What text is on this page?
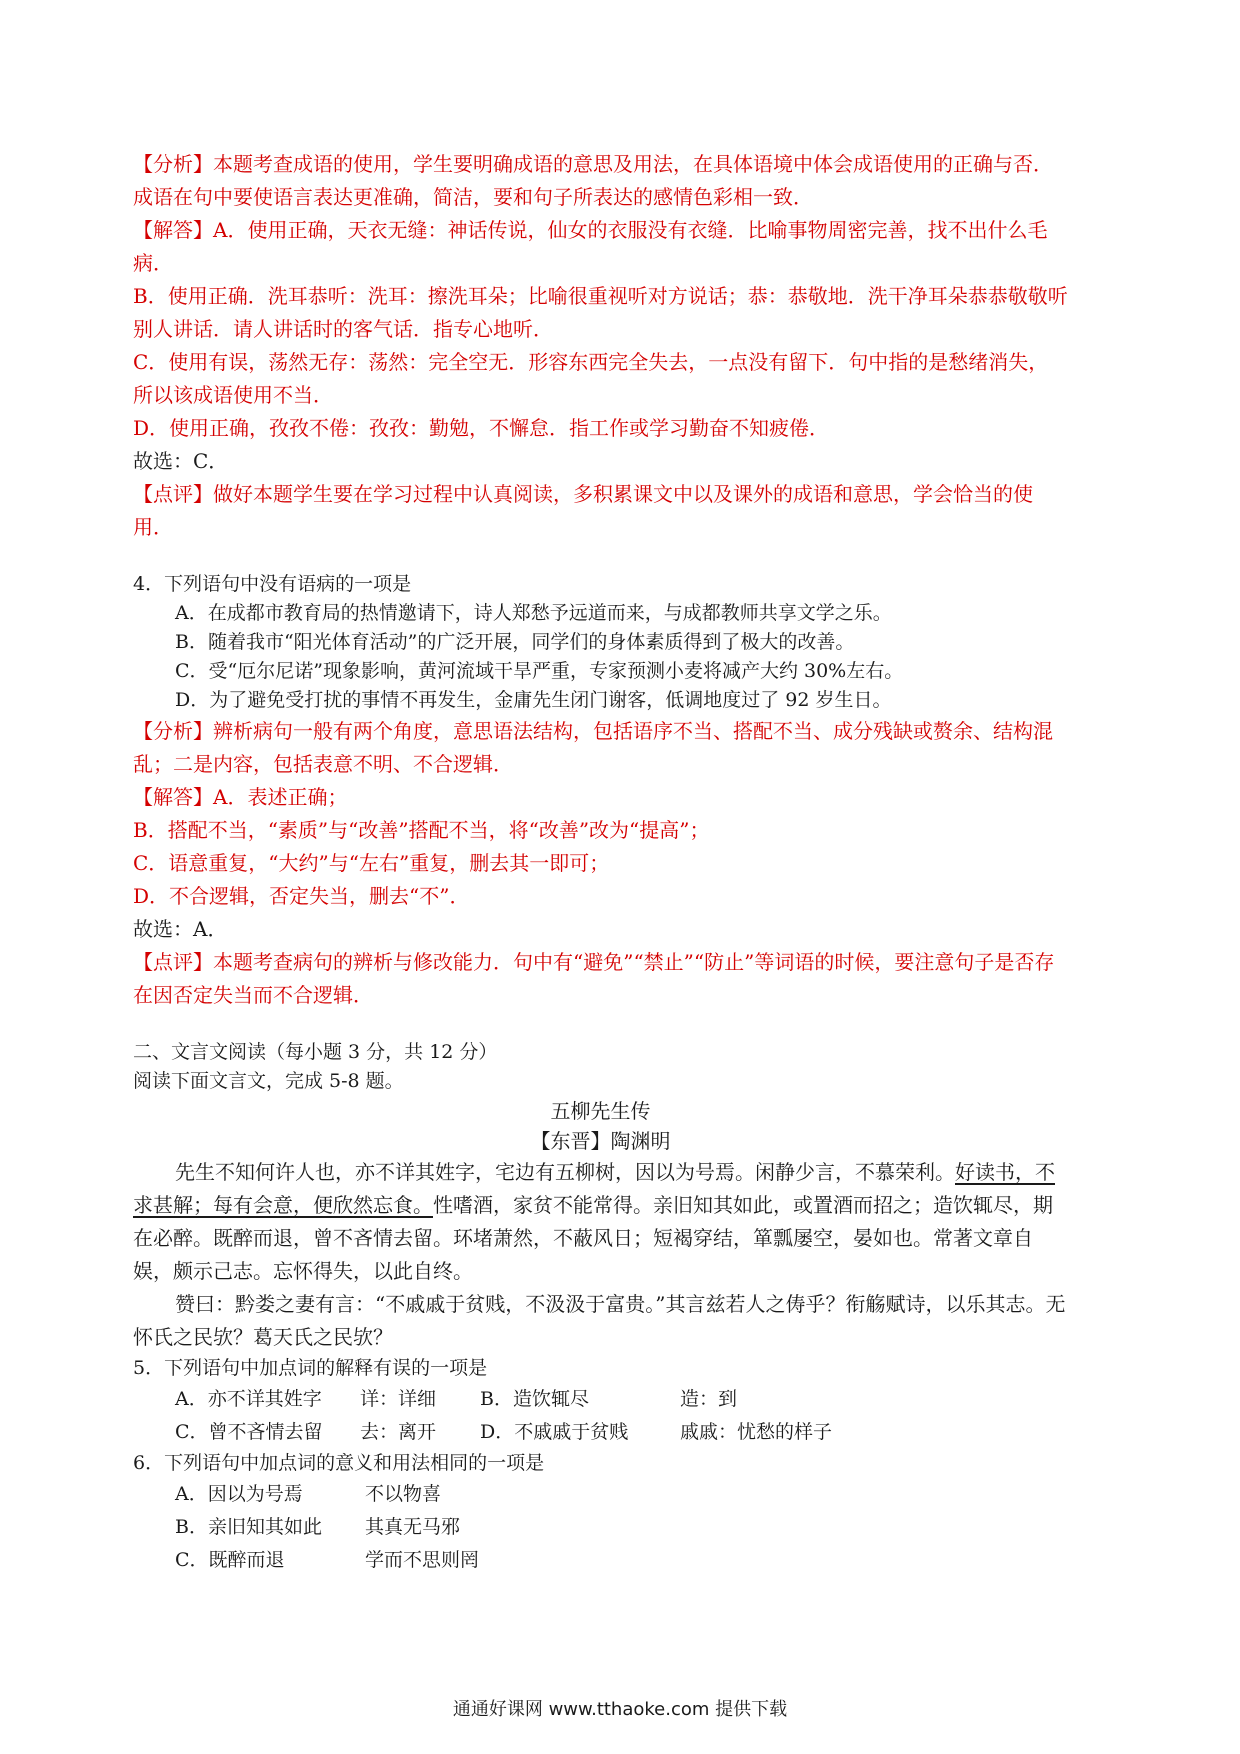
【分析】本题考查成语的使用，学生要明确成语的意思及用法，在具体语境中体会成语使用的正确与否．成语在句中要使语言表达更准确，简洁，要和句子所表达的感情色彩相一致．

【解答】A．使用正确，天衣无缝：神话传说，仙女的衣服没有衣缝．比喻事物周密完善，找不出什么毛病．

B．使用正确．洗耳恭听：洗耳：擦洗耳朵；比喻很重视听对方说话；恭：恭敬地．洗干净耳朵恭恭敬敬听别人讲话．请人讲话时的客气话．指专心地听．

C．使用有误，荡然无存：荡然：完全空无．形容东西完全失去，一点没有留下．句中指的是愁绪消失，所以该成语使用不当．

D．使用正确，孜孜不倦：孜孜：勤勉，不懈怠．指工作或学习勤奋不知疲倦．

故选：C．

【点评】做好本题学生要在学习过程中认真阅读，多积累课文中以及课外的成语和意思，学会恰当的使用．

4．下列语句中没有语病的一项是

A．在成都市教育局的热情邀请下，诗人郑愁予远道而来，与成都教师共享文学之乐。

B．随着我市“阳光体育活动”的广泛开展，同学们的身体素质得到了极大的改善。

C．受“厄尔尼诺”现象影响，黄河流域干旱严重，专家预测小麦将减产大约 30%左右。

D．为了避免受打扰的事情不再发生，金庸先生闭门谢客，低调地度过了 92 岁生日。

【分析】辨析病句一般有两个角度，意思语法结构，包括语序不当、搭配不当、成分残缺或赘余、结构混乱；二是内容，包括表意不明、不合逻辑．

【解答】A．表述正确；

B．搭配不当，“素质”与“改善”搭配不当，将“改善”改为“提高”；

C．语意重复，“大约”与“左右”重复，删去其一即可；

D．不合逻辑，否定失当，删去“不”．

故选：A．

【点评】本题考查病句的辨析与修改能力．句中有“避免”“禁止”“防止”等词语的时候，要注意句子是否存在因否定失当而不合逻辑．

二、文言文阅读（每小题 3 分，共 12 分）

阅读下面文言文，完成 5-8 题。

五柳先生传

【东晋】陶渊明

先生不知何许人也，亦不详其姓字，宅边有五柳树，因以为号焉。闲静少言，不慕荣利。好读书，不求甚解；每有会意，便欣然忘食。性嗜酒，家贫不能常得。亲旧知其如此，或置酒而招之；造饮辄尽，期在必醉。既醉而退，曾不吝情去留。环堵萧然，不蔽风日；短褐穿结，箪瓢屡空，晏如也。常著文章自娱，颇示己志。忘怀得失，以此自终。

赞曰：黔娄之妻有言：“不戚戚于贫贱，不汲汲于富贵。”其言兹若人之俦乎？衔觞赋诗，以乐其志。无怀氏之民欤？葛天氏之民欤？

5．下列语句中加点词的解释有误的一项是

A．亦不详其姓字	详：详细	B．造饮辄尽	造：到
C．曾不吝情去留	去：离开	D．不戚戚于贫贱	戚戚：忧愁的样子

6．下列语句中加点词的意义和用法相同的一项是

A．因以为号焉	不以物喜
B．亲旧知其如此	其真无马邪
C．既醉而退	学而不思则罔
通通好课网 www.tthaoke.com 提供下载
